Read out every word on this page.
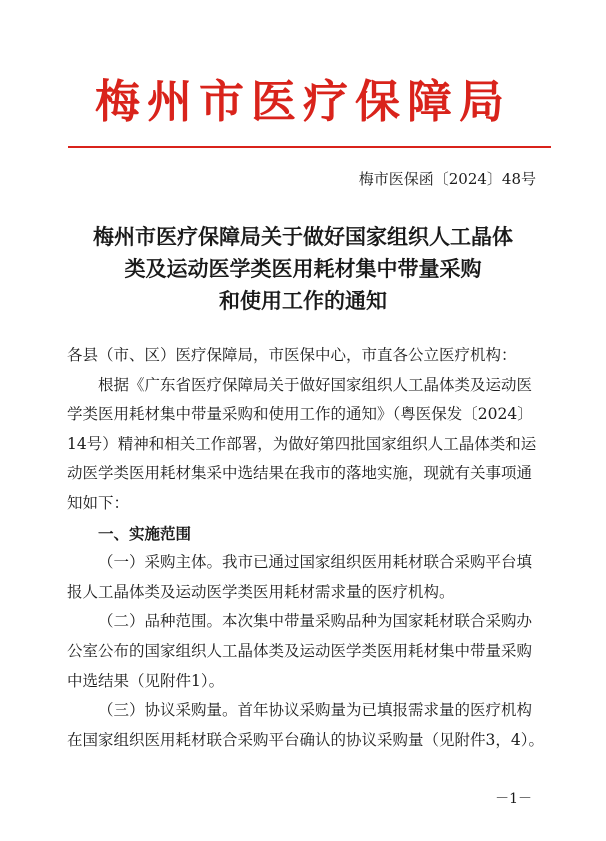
梅州市医疗保障局
梅市医保函〔2024〕48号
梅州市医疗保障局关于做好国家组织人工晶体
类及运动医学类医用耗材集中带量采购
和使用工作的通知

各县（市、区）医疗保障局，市医保中心，市直各公立医疗机构：

根据《广东省医疗保障局关于做好国家组织人工晶体类及运动医学类医用耗材集中带量采购和使用工作的通知》（粤医保发〔2024〕14号）精神和相关工作部署，为做好第四批国家组织人工晶体类和运动医学类医用耗材集采中选结果在我市的落地实施，现就有关事项通知如下：

一、实施范围

（一）采购主体。我市已通过国家组织医用耗材联合采购平台填报人工晶体类及运动医学类医用耗材需求量的医疗机构。

（二）品种范围。本次集中带量采购品种为国家耗材联合采购办公室公布的国家组织人工晶体类及运动医学类医用耗材集中带量采购中选结果（见附件1）。

（三）协议采购量。首年协议采购量为已填报需求量的医疗机构在国家组织医用耗材联合采购平台确认的协议采购量（见附件3，4）。

－1－
